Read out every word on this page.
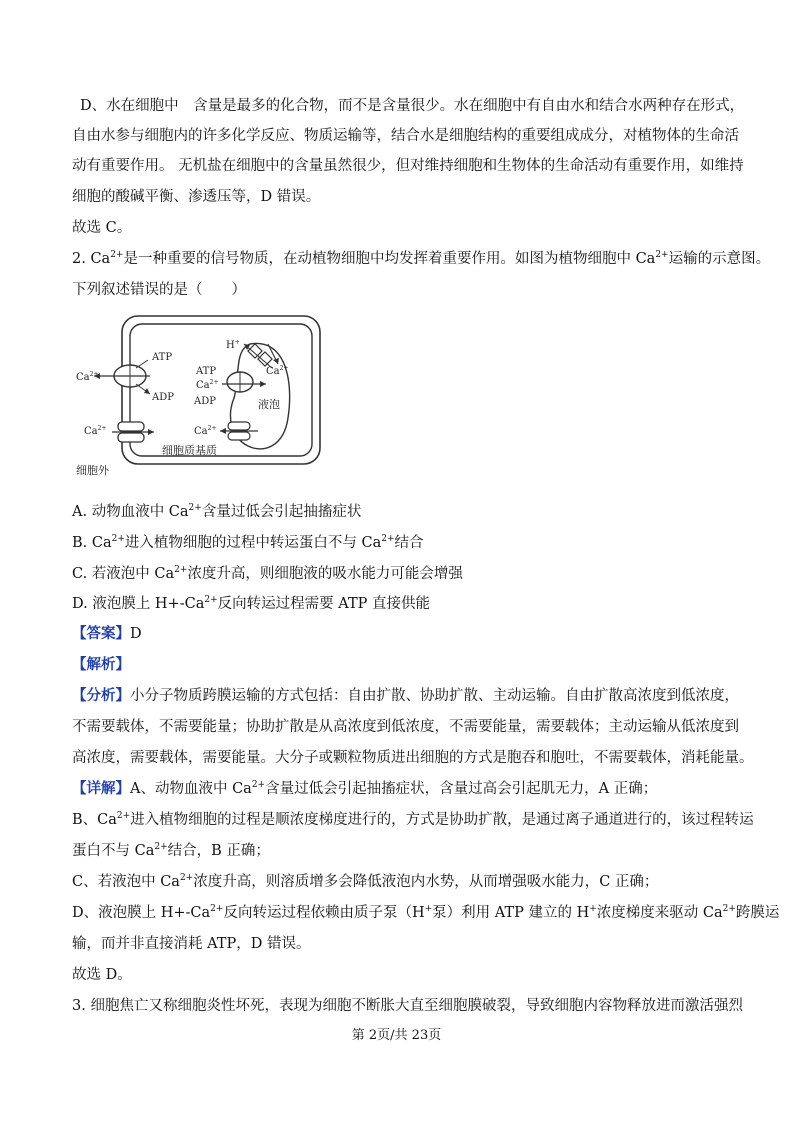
D、水在细胞中　含量是最多的化合物，而不是含量很少。水在细胞中有自由水和结合水两种存在形式，
自由水参与细胞内的许多化学反应、物质运输等，结合水是细胞结构的重要组成成分，对植物体的生命活
动有重要作用。 无机盐在细胞中的含量虽然很少，但对维持细胞和生物体的生命活动有重要作用，如维持
细胞的酸碱平衡、渗透压等，D 错误。
故选 C。
2. $Ca^{2+}$是一种重要的信号物质，在动植物细胞中均发挥着重要作用。如图为植物细胞中 $Ca^{2+}$运输的示意图。
下列叙述错误的是（　　）
ATP
ADP
$Ca^{2+}$
$Ca^{2+}$
ATP
$Ca^{2+}$
ADP
H+
$Ca^{2+}$
$Ca^{2+}$
液泡
细胞质基质
细胞外
A. 动物血液中 $Ca^{2+}$含量过低会引起抽搐症状
B. $Ca^{2+}$进入植物细胞的过程中转运蛋白不与 $Ca^{2+}$结合
C. 若液泡中 $Ca^{2+}$浓度升高，则细胞液的吸水能力可能会增强
D. 液泡膜上 $H+-Ca^{2+}$反向转运过程需要 ATP 直接供能
【答案】D
【解析】
【分析】小分子物质跨膜运输的方式包括：自由扩散、协助扩散、主动运输。自由扩散高浓度到低浓度，
不需要载体，不需要能量；协助扩散是从高浓度到低浓度，不需要能量，需要载体；主动运输从低浓度到
高浓度，需要载体，需要能量。大分子或颗粒物质进出细胞的方式是胞吞和胞吐，不需要载体，消耗能量。
【详解】A、动物血液中 $Ca^{2+}$含量过低会引起抽搐症状，含量过高会引起肌无力，A 正确；
B、$Ca^{2+}$进入植物细胞的过程是顺浓度梯度进行的，方式是协助扩散，是通过离子通道进行的，该过程转运
蛋白不与 $Ca^{2+}$结合，B 正确；
C、若液泡中 $Ca^{2+}$浓度升高，则溶质增多会降低液泡内水势，从而增强吸水能力，C 正确；
D、液泡膜上 $H+-Ca^{2+}$反向转运过程依赖由质子泵（H+泵）利用 ATP 建立的 H+浓度梯度来驱动 $Ca^{2+}$跨膜运
输，而并非直接消耗 ATP，D 错误。
故选 D。
3. 细胞焦亡又称细胞炎性坏死，表现为细胞不断胀大直至细胞膜破裂，导致细胞内容物释放进而激活强烈
第 2页/共 23页
